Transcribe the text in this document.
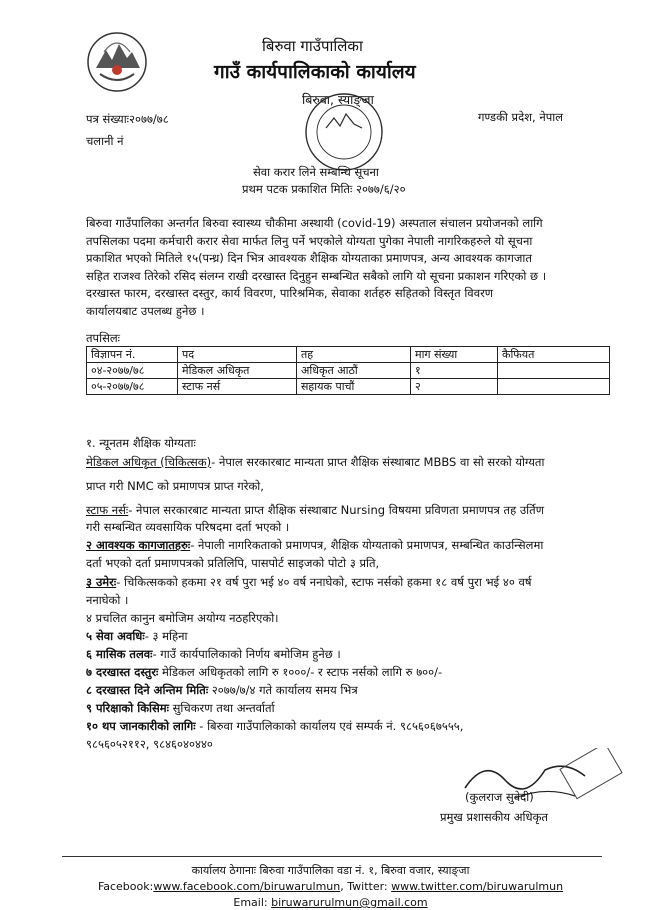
बिरुवा गाउँपालिका
गाउँ कार्यपालिकाको कार्यालय
बिरुवा, स्याङ्जा
पत्र संख्याः२०७७/७८	गण्डकी प्रदेश, नेपाल
चलानी नं
सेवा करार लिने सम्बन्धि सूचना
प्रथम पटक प्रकाशित मितिः २०७७/६/२०
बिरुवा गाउँपालिका अन्तर्गत बिरुवा स्वास्थ्य चौकीमा अस्थायी (covid-19) अस्पताल संचालन प्रयोजनको लागि
तपसिलका पदमा कर्मचारी करार सेवा मार्फत लिनु पर्ने भएकोले योग्यता पुगेका नेपाली नागरिकहरुले यो सूचना
प्रकाशित भएको मितिले १५(पन्ध्र) दिन भित्र आवश्यक शैक्षिक योग्यताका प्रमाणपत्र, अन्य आवश्यक कागजात
सहित राजश्व तिरेको रसिद संलग्न राखी दरखास्त दिनुहुन सम्बन्धित सबैको लागि यो सूचना प्रकाशन गरिएको छ ।
दरखास्त फारम, दरखास्त दस्तुर, कार्य विवरण, पारिश्रमिक, सेवाका शर्तहरु सहितको विस्तृत विवरण
कार्यालयबाट उपलब्ध हुनेछ ।
तपसिलः
विज्ञापन नं.	पद	तह	माग संख्या	कैफियत
०४-२०७७/७८	मेडिकल अधिकृत	अधिकृत आठौं	१	
०५-२०७७/७८	स्टाफ नर्स	सहायक पाचौं	२	
१. न्यूनतम शैक्षिक योग्यताः
मेडिकल अधिकृत (चिकित्सक)- नेपाल सरकारबाट मान्यता प्राप्त शैक्षिक संस्थाबाट MBBS वा सो सरको योग्यता
प्राप्त गरी NMC को प्रमाणपत्र प्राप्त गरेको,
स्टाफ नर्सः- नेपाल सरकारबाट मान्यता प्राप्त शैक्षिक संस्थाबाट Nursing विषयमा प्रविणता प्रमाणपत्र तह उर्तिण
गरी सम्बन्धित व्यवसायिक परिषदमा दर्ता भएको ।
२ आवश्यक कागजातहरुः- नेपाली नागरिकताको प्रमाणपत्र, शैक्षिक योग्यताको प्रमाणपत्र, सम्बन्धित काउन्सिलमा
दर्ता भएको दर्ता प्रमाणपत्रको प्रतिलिपि, पासपोर्ट साइजको पोटो ३ प्रति,
३ उमेरः- चिकित्सकको हकमा २१ वर्ष पुरा भई ४० वर्ष ननाघेको, स्टाफ नर्सको हकमा १८ वर्ष पुरा भई ४० वर्ष
ननाघेको ।
४ प्रचलित कानुन बमोजिम अयोग्य नठहरिएको।
५ सेवा अवधिः- ३ महिना
६ मासिक तलवः- गाउँ कार्यपालिकाको निर्णय बमोजिम हुनेछ ।
७ दरखास्त दस्तुरः मेडिकल अधिकृतको लागि रु १०००/- र स्टाफ नर्सको लागि रु ७००/-
८ दरखास्त दिने अन्तिम मितिः २०७७/७/४ गते कार्यालय समय भित्र
९ परिक्षाको किसिमः सुचिकरण तथा अन्तर्वार्ता
१० थप जानकारीको लागिः - बिरुवा गाउँपालिकाको कार्यालय एवं सम्पर्क नं. ९८५६०६७५५५,
९८५६०५२११२, ९८४६०४०४४०
(कुलराज सुवेदी)
प्रमुख प्रशासकीय अधिकृत
कार्यालय ठेगानाः बिरुवा गाउँपालिका वडा नं. १, बिरुवा वजार, स्याङ्जा
Facebook:www.facebook.com/biruwarulmun, Twitter: www.twitter.com/biruwarulmun
Email: biruwarurulmun@gmail.com
